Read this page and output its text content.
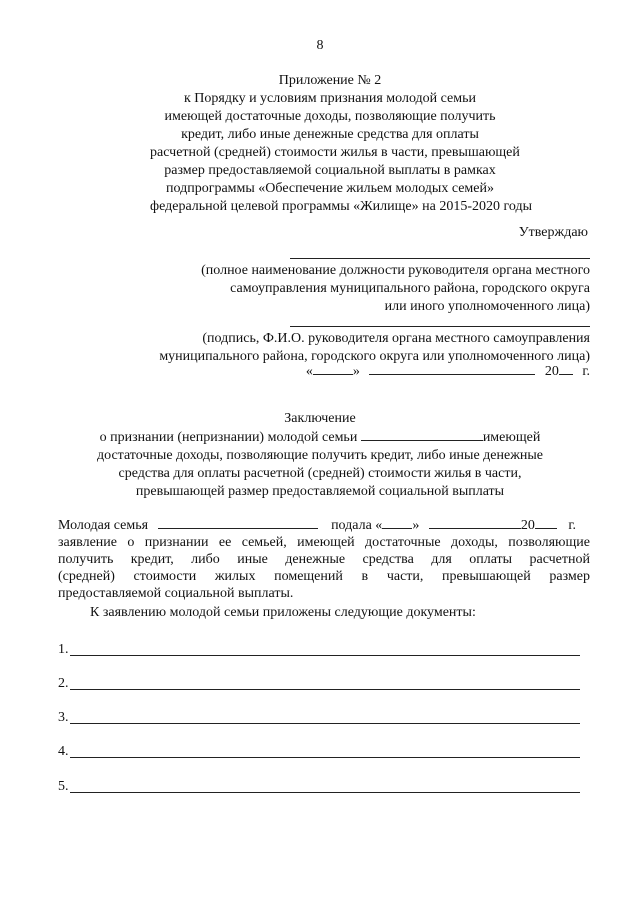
8
Приложение № 2
к Порядку и условиям признания молодой семьи
имеющей достаточные доходы, позволяющие получить
кредит, либо иные денежные средства для оплаты
расчетной (средней) стоимости жилья в части, превышающей
размер предоставляемой социальной выплаты в рамках
подпрограммы «Обеспечение жильем молодых семей»
федеральной целевой программы «Жилище» на 2015-2020 годы
Утверждаю
(полное наименование должности руководителя органа местного
самоуправления муниципального района, городского округа
или иного уполномоченного лица)
(подпись, Ф.И.О. руководителя органа местного самоуправления
муниципального района, городского округа или уполномоченного лица)
«	»	20 г.
Заключение
о признании (непризнании) молодой семьи	имеющей
достаточные доходы, позволяющие получить кредит, либо иные денежные
средства для оплаты расчетной (средней) стоимости жилья в части,
превышающей размер предоставляемой социальной выплаты
Молодая семья	подала « »	20 г.
заявление о признании ее семьей, имеющей достаточные доходы, позволяющие
получить кредит, либо иные денежные средства для оплаты расчетной
(средней) стоимости жилых помещений в части, превышающей размер
предоставляемой социальной выплаты.
К заявлению молодой семьи приложены следующие документы:
1.
2.
3.
4.
5.
